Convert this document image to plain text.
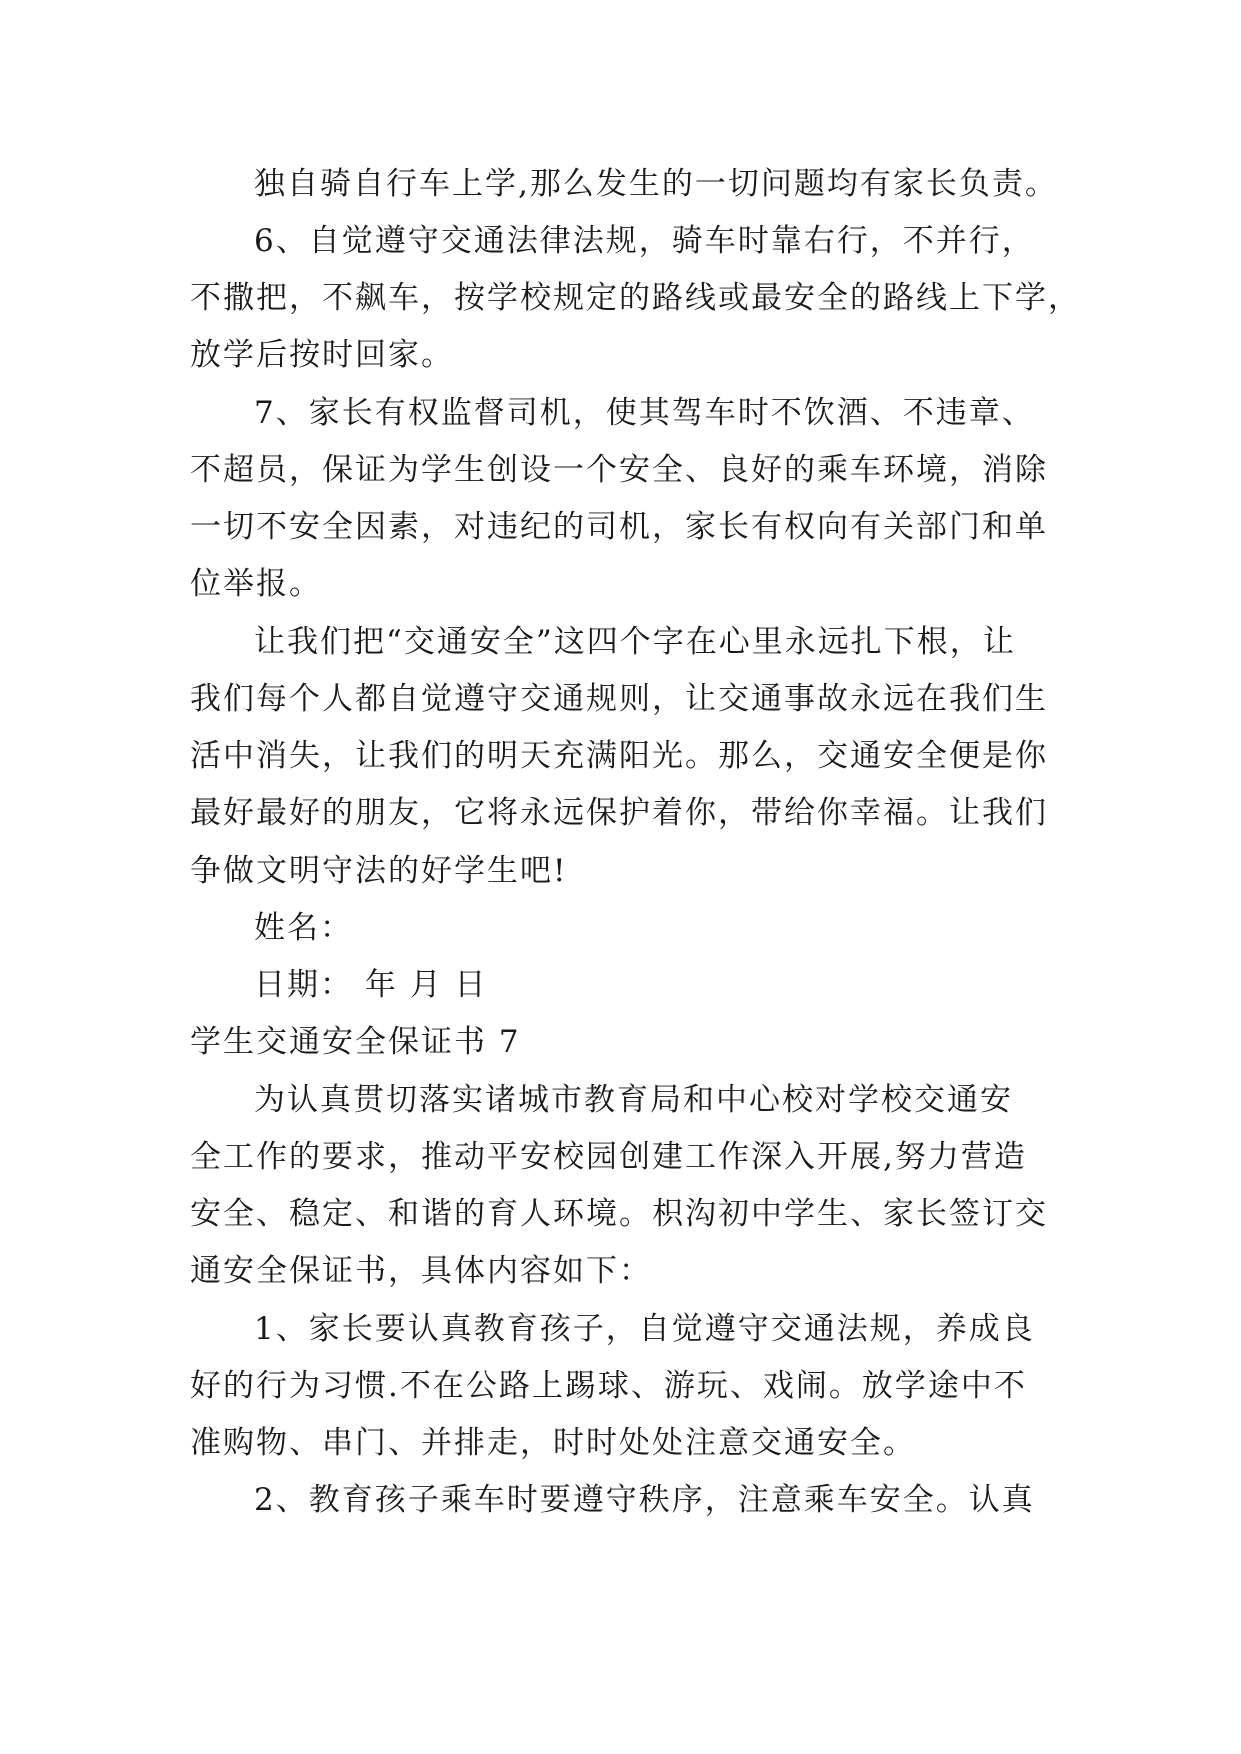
独自骑自行车上学,那么发生的一切问题均有家长负责。
6、自觉遵守交通法律法规，骑车时靠右行，不并行，
不撒把，不飙车，按学校规定的路线或最安全的路线上下学，
放学后按时回家。
7、家长有权监督司机，使其驾车时不饮酒、不违章、
不超员，保证为学生创设一个安全、良好的乘车环境，消除
一切不安全因素，对违纪的司机，家长有权向有关部门和单
位举报。
让我们把“交通安全”这四个字在心里永远扎下根，让
我们每个人都自觉遵守交通规则，让交通事故永远在我们生
活中消失，让我们的明天充满阳光。那么，交通安全便是你
最好最好的朋友，它将永远保护着你，带给你幸福。让我们
争做文明守法的好学生吧!
姓名：
日期： 年 月 日
学生交通安全保证书 7
为认真贯切落实诸城市教育局和中心校对学校交通安
全工作的要求，推动平安校园创建工作深入开展,努力营造
安全、稳定、和谐的育人环境。枳沟初中学生、家长签订交
通安全保证书，具体内容如下：
1、家长要认真教育孩子，自觉遵守交通法规，养成良
好的行为习惯.不在公路上踢球、游玩、戏闹。放学途中不
准购物、串门、并排走，时时处处注意交通安全。
2、教育孩子乘车时要遵守秩序，注意乘车安全。认真
